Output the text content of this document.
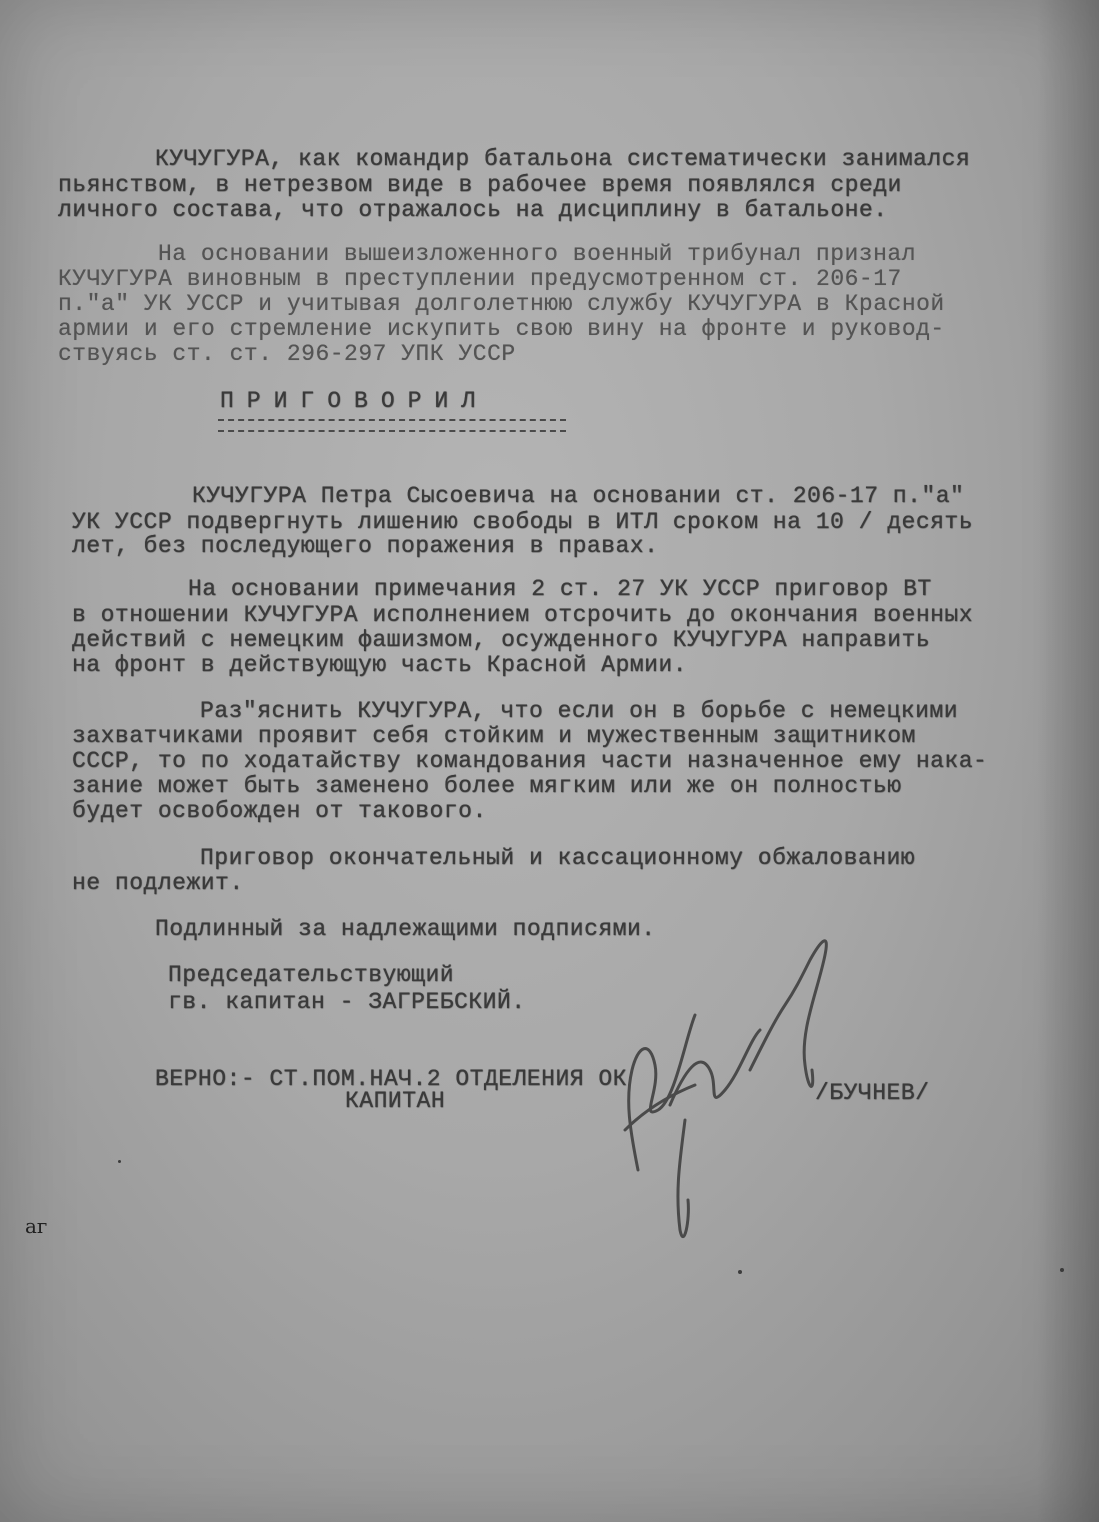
КУЧУГУРА, как командир батальона систематически занимался
пьянством, в нетрезвом виде в рабочее время появлялся среди
личного состава, что отражалось на дисциплину в батальоне.
На основании вышеизложенного военный трибунал признал
КУЧУГУРА виновным в преступлении предусмотренном ст. 206-17
п."а" УК УССР и учитывая долголетнюю службу КУЧУГУРА в Красной
армии и его стремление искупить свою вину на фронте и руковод-
ствуясь ст. ст. 296-297 УПК УССР
ПРИГОВОРИЛ
КУЧУГУРА Петра Сысоевича на основании ст. 206-17 п."а"
УК УССР подвергнуть лишению свободы в ИТЛ сроком на 10 / десять
лет, без последующего поражения в правах.
На основании примечания 2 ст. 27 УК УССР приговор ВТ
в отношении КУЧУГУРА исполнением отсрочить до окончания военных
действий с немецким фашизмом, осужденного КУЧУГУРА направить
на фронт в действующую часть Красной Армии.
Раз"яснить КУЧУГУРА, что если он в борьбе с немецкими
захватчиками проявит себя стойким и мужественным защитником
СССР, то по ходатайству командования части назначенное ему нака-
зание может быть заменено более мягким или же он полностью
будет освобожден от такового.
Приговор окончательный и кассационному обжалованию
не подлежит.
Подлинный за надлежащими подписями.
Председательствующий
гв. капитан - ЗАГРЕБСКИЙ.
ВЕРНО:- СТ.ПОМ.НАЧ.2 ОТДЕЛЕНИЯ ОК
КАПИТАН	/БУЧНЕВ/
аг
